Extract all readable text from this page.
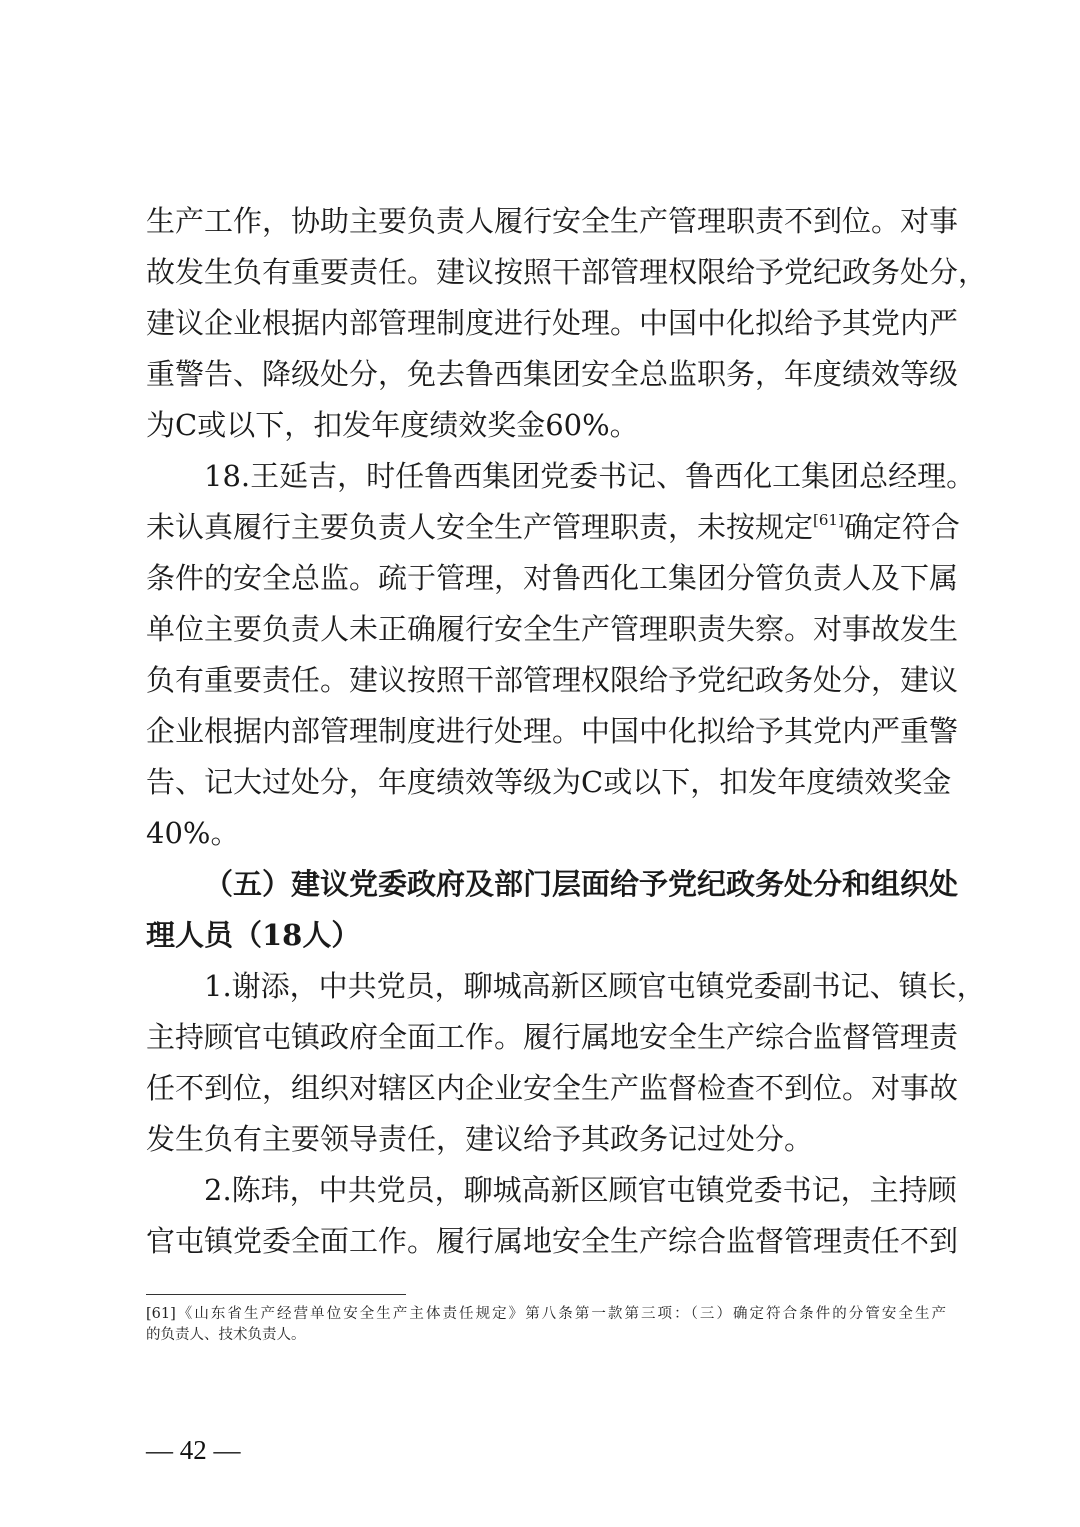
生产工作，协助主要负责人履行安全生产管理职责不到位。对事
故发生负有重要责任。建议按照干部管理权限给予党纪政务处分，
建议企业根据内部管理制度进行处理。中国中化拟给予其党内严
重警告、降级处分，免去鲁西集团安全总监职务，年度绩效等级
为C或以下，扣发年度绩效奖金60%。
18.王延吉，时任鲁西集团党委书记、鲁西化工集团总经理。
未认真履行主要负责人安全生产管理职责，未按规定[61]确定符合
条件的安全总监。疏于管理，对鲁西化工集团分管负责人及下属
单位主要负责人未正确履行安全生产管理职责失察。对事故发生
负有重要责任。建议按照干部管理权限给予党纪政务处分，建议
企业根据内部管理制度进行处理。中国中化拟给予其党内严重警
告、记大过处分，年度绩效等级为C或以下，扣发年度绩效奖金
40%。
（五）建议党委政府及部门层面给予党纪政务处分和组织处
理人员（18人）
1.谢添，中共党员，聊城高新区顾官屯镇党委副书记、镇长，
主持顾官屯镇政府全面工作。履行属地安全生产综合监督管理责
任不到位，组织对辖区内企业安全生产监督检查不到位。对事故
发生负有主要领导责任，建议给予其政务记过处分。
2.陈玮，中共党员，聊城高新区顾官屯镇党委书记，主持顾
官屯镇党委全面工作。履行属地安全生产综合监督管理责任不到
[61]《山东省生产经营单位安全生产主体责任规定》第八条第一款第三项：（三）确定符合条件的分管安全生产
的负责人、技术负责人。
— 42 —
